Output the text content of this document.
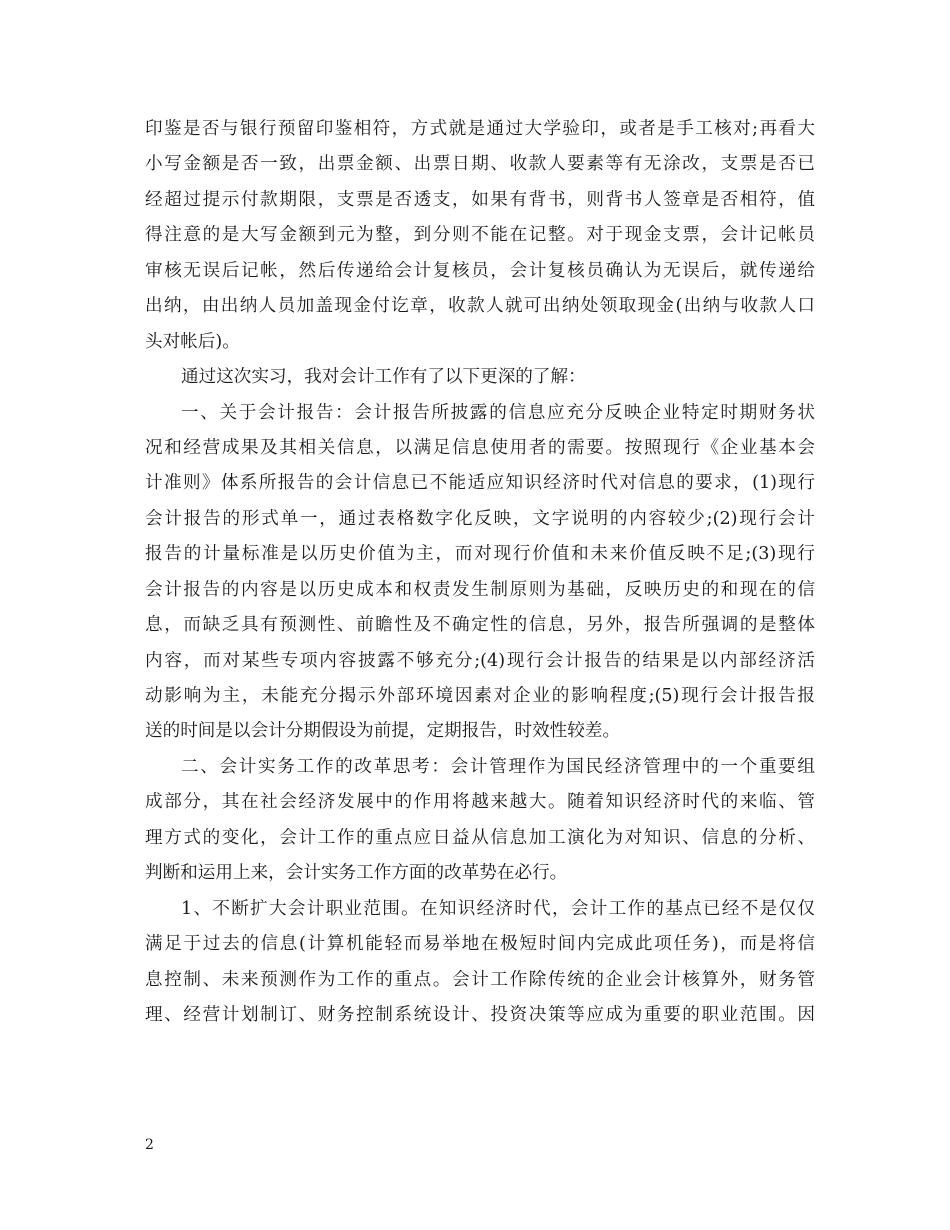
印鉴是否与银行预留印鉴相符，方式就是通过大学验印，或者是手工核对;再看大
小写金额是否一致，出票金额、出票日期、收款人要素等有无涂改，支票是否已
经超过提示付款期限，支票是否透支，如果有背书，则背书人签章是否相符，值
得注意的是大写金额到元为整，到分则不能在记整。对于现金支票，会计记帐员
审核无误后记帐，然后传递给会计复核员，会计复核员确认为无误后，就传递给
出纳，由出纳人员加盖现金付讫章，收款人就可出纳处领取现金(出纳与收款人口
头对帐后)。
通过这次实习，我对会计工作有了以下更深的了解：
一、关于会计报告：会计报告所披露的信息应充分反映企业特定时期财务状
况和经营成果及其相关信息，以满足信息使用者的需要。按照现行《企业基本会
计准则》体系所报告的会计信息已不能适应知识经济时代对信息的要求，(1)现行
会计报告的形式单一，通过表格数字化反映，文字说明的内容较少;(2)现行会计
报告的计量标准是以历史价值为主，而对现行价值和未来价值反映不足;(3)现行
会计报告的内容是以历史成本和权责发生制原则为基础，反映历史的和现在的信
息，而缺乏具有预测性、前瞻性及不确定性的信息，另外，报告所强调的是整体
内容，而对某些专项内容披露不够充分;(4)现行会计报告的结果是以内部经济活
动影响为主，未能充分揭示外部环境因素对企业的影响程度;(5)现行会计报告报
送的时间是以会计分期假设为前提，定期报告，时效性较差。
二、会计实务工作的改革思考：会计管理作为国民经济管理中的一个重要组
成部分，其在社会经济发展中的作用将越来越大。随着知识经济时代的来临、管
理方式的变化，会计工作的重点应日益从信息加工演化为对知识、信息的分析、
判断和运用上来，会计实务工作方面的改革势在必行。
1、不断扩大会计职业范围。在知识经济时代，会计工作的基点已经不是仅仅
满足于过去的信息(计算机能轻而易举地在极短时间内完成此项任务)，而是将信
息控制、未来预测作为工作的重点。会计工作除传统的企业会计核算外，财务管
理、经营计划制订、财务控制系统设计、投资决策等应成为重要的职业范围。因
2
